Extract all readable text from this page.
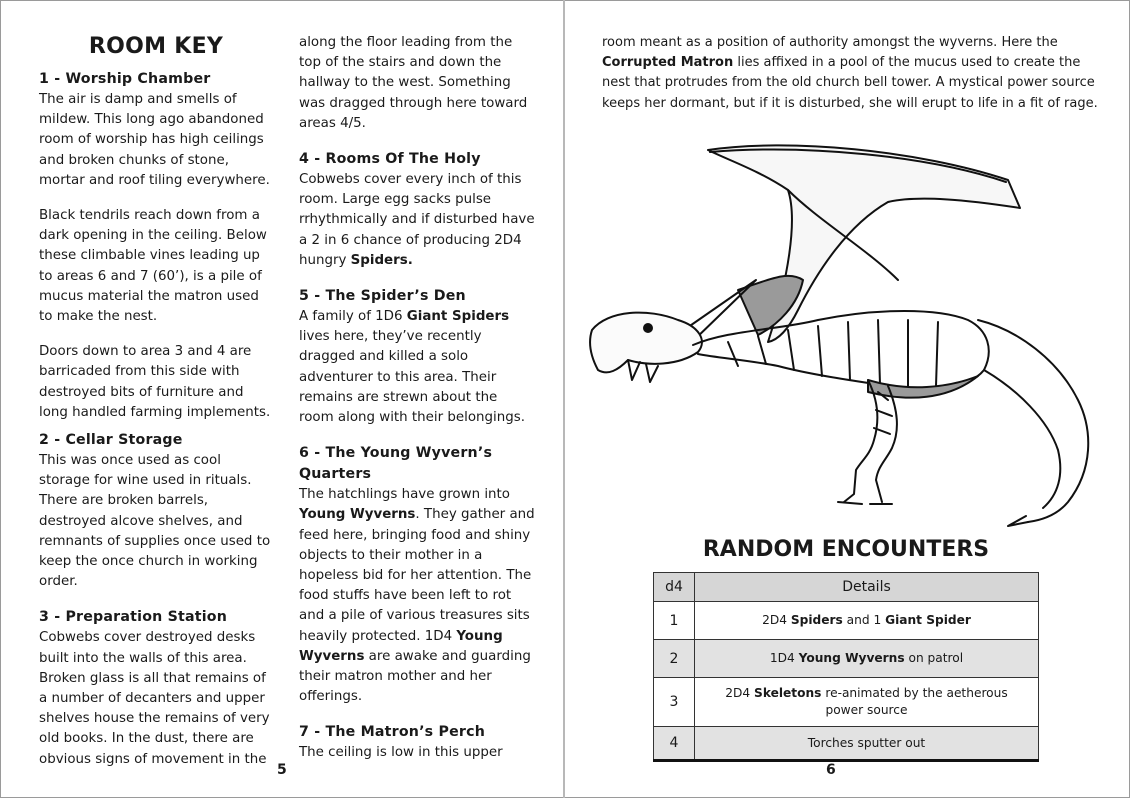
ROOM KEY
1 - Worship Chamber

The air is damp and smells of mildew. This long ago abandoned room of worship has high ceilings and broken chunks of stone, mortar and roof tiling everywhere.

Black tendrils reach down from a dark opening in the ceiling. Below these climbable vines leading up to areas 6 and 7 (60’), is a pile of mucus material the matron used to make the nest.

Doors down to area 3 and 4 are barricaded from this side with destroyed bits of furniture and long handled farming implements.

2 - Cellar Storage

This was once used as cool storage for wine used in rituals. There are broken barrels, destroyed alcove shelves, and remnants of supplies once used to keep the once church in working order.

3 - Preparation Station

Cobwebs cover destroyed desks built into the walls of this area. Broken glass is all that remains of a number of decanters and upper shelves house the remains of very old books. In the dust, there are obvious signs of movement in the

along the floor leading from the top of the stairs and down the hallway to the west. Something was dragged through here toward areas 4/5.

4 - Rooms Of The Holy

Cobwebs cover every inch of this room. Large egg sacks pulse rrhythmically and if disturbed have a 2 in 6 chance of producing 2D4 hungry Spiders.

5 - The Spider’s Den

A family of 1D6 Giant Spiders lives here, they’ve recently dragged and killed a solo adventurer to this area. Their remains are strewn about the room along with their belongings.

6 - The Young Wyvern’s Quarters

The hatchlings have grown into Young Wyverns. They gather and feed here, bringing food and shiny objects to their mother in a hopeless bid for her attention. The food stuffs have been left to rot and a pile of various treasures sits heavily protected. 1D4 Young Wyverns are awake and guarding their matron mother and her offerings.

7 - The Matron’s Perch

The ceiling is low in this upper

5

room meant as a position of authority amongst the wyverns. Here the Corrupted Matron lies affixed in a pool of the mucus used to create the nest that protrudes from the old church bell tower. A mystical power source keeps her dormant, but if it is disturbed, she will erupt to life in a fit of rage.

RANDOM ENCOUNTERS
d4	Details
1	2D4 Spiders and 1 Giant Spider
2	1D4 Young Wyverns on patrol
3	2D4 Skeletons re-animated by the aetherous power source
4	Torches sputter out
6
